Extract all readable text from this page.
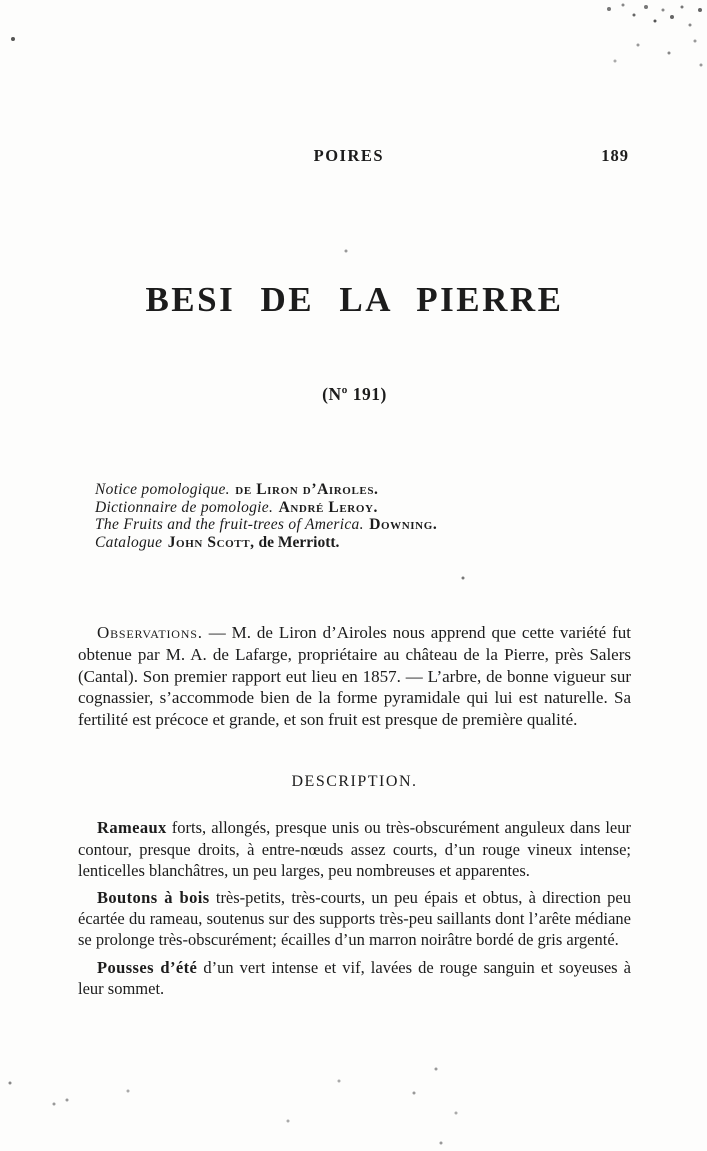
POIRES	189
BESI DE LA PIERRE
(Nº 191)
Notice pomologique. de Liron d’Airoles.
Dictionnaire de pomologie. André Leroy.
The Fruits and the fruit-trees of America. Downing.
Catalogue John Scott, de Merriott.

Observations. — M. de Liron d’Airoles nous apprend que cette variété fut obtenue par M. A. de Lafarge, propriétaire au château de la Pierre, près Salers (Cantal). Son premier rapport eut lieu en 1857. — L’arbre, de bonne vigueur sur cognassier, s’accommode bien de la forme pyramidale qui lui est naturelle. Sa fertilité est précoce et grande, et son fruit est presque de première qualité.

DESCRIPTION.

Rameaux forts, allongés, presque unis ou très-obscurément anguleux dans leur contour, presque droits, à entre-nœuds assez courts, d’un rouge vineux intense; lenticelles blanchâtres, un peu larges, peu nombreuses et apparentes.

Boutons à bois très-petits, très-courts, un peu épais et obtus, à direction peu écartée du rameau, soutenus sur des supports très-peu saillants dont l’arête médiane se prolonge très-obscurément; écailles d’un marron noirâtre bordé de gris argenté.

Pousses d’été d’un vert intense et vif, lavées de rouge sanguin et soyeuses à leur sommet.
